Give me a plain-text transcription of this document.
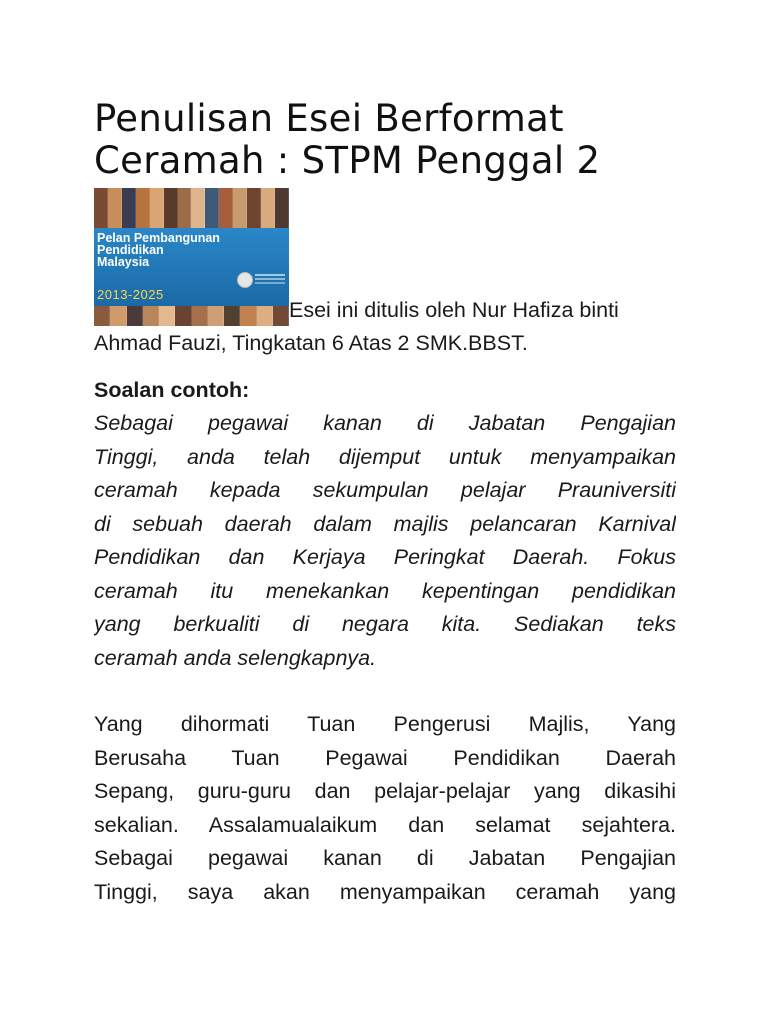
Penulisan Esei Berformat
Ceramah : STPM Penggal 2
Pelan Pembangunan
Pendidikan
Malaysia
2013-2025
Esei ini ditulis oleh Nur Hafiza binti
Ahmad Fauzi, Tingkatan 6 Atas 2 SMK.BBST.
Soalan contoh:
Sebagai pegawai kanan di Jabatan Pengajian
Tinggi, anda telah dijemput untuk menyampaikan
ceramah kepada sekumpulan pelajar Prauniversiti
di sebuah daerah dalam majlis pelancaran Karnival
Pendidikan dan Kerjaya Peringkat Daerah. Fokus
ceramah itu menekankan kepentingan pendidikan
yang berkualiti di negara kita. Sediakan teks
ceramah anda selengkapnya.
Yang dihormati Tuan Pengerusi Majlis, Yang
Berusaha Tuan Pegawai Pendidikan Daerah
Sepang, guru-guru dan pelajar-pelajar yang dikasihi
sekalian. Assalamualaikum dan selamat sejahtera.
Sebagai pegawai kanan di Jabatan Pengajian
Tinggi, saya akan menyampaikan ceramah yang
